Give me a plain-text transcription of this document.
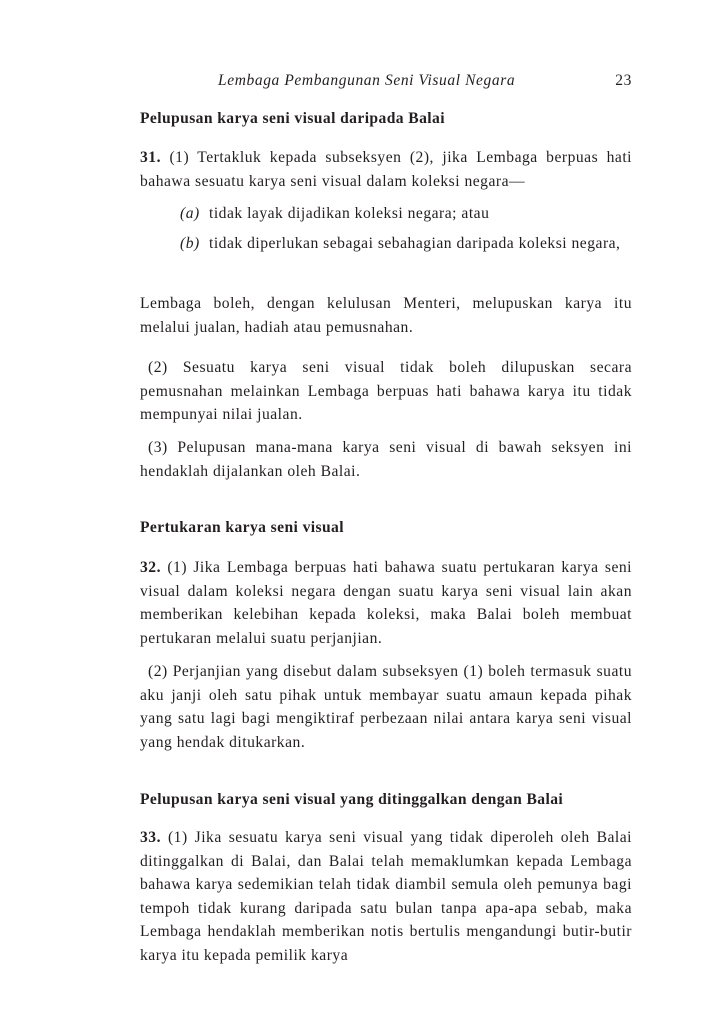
Lembaga Pembangunan Seni Visual Negara	23
Pelupusan karya seni visual daripada Balai
31. (1) Tertakluk kepada subseksyen (2), jika Lembaga berpuas hati bahawa sesuatu karya seni visual dalam koleksi negara—
(a) tidak layak dijadikan koleksi negara; atau
(b) tidak diperlukan sebagai sebahagian daripada koleksi negara,
Lembaga boleh, dengan kelulusan Menteri, melupuskan karya itu melalui jualan, hadiah atau pemusnahan.
(2) Sesuatu karya seni visual tidak boleh dilupuskan secara pemusnahan melainkan Lembaga berpuas hati bahawa karya itu tidak mempunyai nilai jualan.
(3) Pelupusan mana-mana karya seni visual di bawah seksyen ini hendaklah dijalankan oleh Balai.
Pertukaran karya seni visual
32. (1) Jika Lembaga berpuas hati bahawa suatu pertukaran karya seni visual dalam koleksi negara dengan suatu karya seni visual lain akan memberikan kelebihan kepada koleksi, maka Balai boleh membuat pertukaran melalui suatu perjanjian.
(2) Perjanjian yang disebut dalam subseksyen (1) boleh termasuk suatu aku janji oleh satu pihak untuk membayar suatu amaun kepada pihak yang satu lagi bagi mengiktiraf perbezaan nilai antara karya seni visual yang hendak ditukarkan.
Pelupusan karya seni visual yang ditinggalkan dengan Balai
33. (1) Jika sesuatu karya seni visual yang tidak diperoleh oleh Balai ditinggalkan di Balai, dan Balai telah memaklumkan kepada Lembaga bahawa karya sedemikian telah tidak diambil semula oleh pemunya bagi tempoh tidak kurang daripada satu bulan tanpa apa-apa sebab, maka Lembaga hendaklah memberikan notis bertulis mengandungi butir-butir karya itu kepada pemilik karya
